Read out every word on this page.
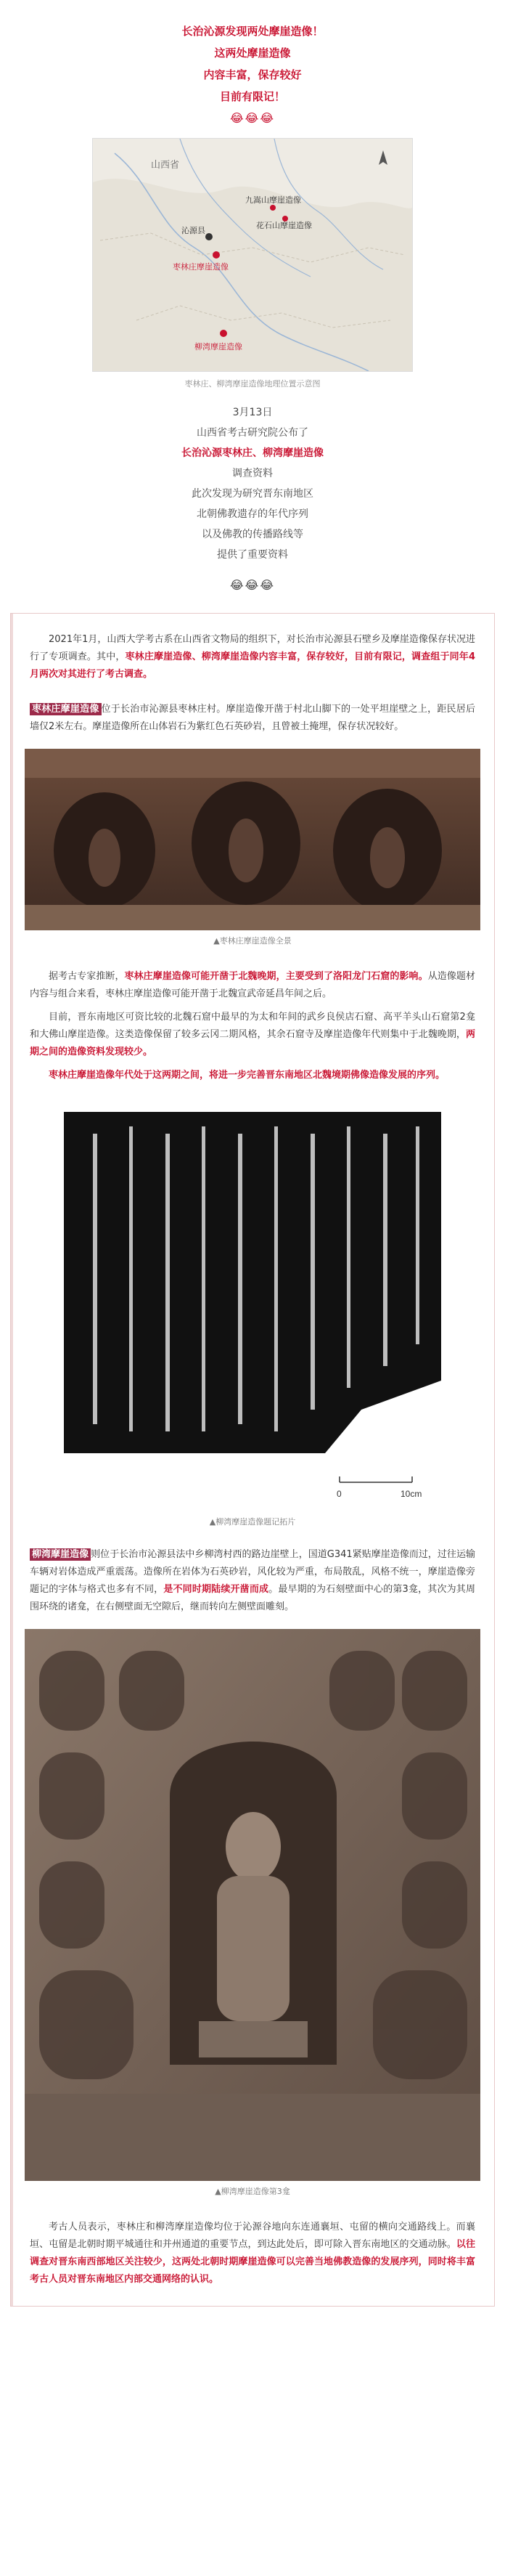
长治沁源发现两处摩崖造像！
这两处摩崖造像
内容丰富，保存较好
目前有限记！
😂😂😂
山西省
九嵩山摩崖造像
花石山摩崖造像
沁源县
枣林庄摩崖造像
柳湾摩崖造像
枣林庄、柳湾摩崖造像地理位置示意图
3月13日
山西省考古研究院公布了
长治沁源枣林庄、柳湾摩崖造像
调查资料
此次发现为研究晋东南地区
北朝佛教遗存的年代序列
以及佛教的传播路线等
提供了重要资料
😂😂😂

2021年1月，山西大学考古系在山西省文物局的组织下，对长治市沁源县石壁乡及摩崖造像保存状况进行了专项调查。其中，枣林庄摩崖造像、柳湾摩崖造像内容丰富，保存较好，目前有限记，调查组于同年4月两次对其进行了考古调查。

枣林庄摩崖造像 位于长治市沁源县枣林庄村。摩崖造像开凿于村北山脚下的一处平坦崖壁之上，距民居后墙仅2米左右。摩崖造像所在山体岩石为紫红色石英砂岩，且曾被土掩埋，保存状况较好。

▲枣林庄摩崖造像全景

据考古专家推断，枣林庄摩崖造像可能开凿于北魏晚期，主要受到了洛阳龙门石窟的影响。从造像题材内容与组合来看，枣林庄摩崖造像可能开凿于北魏宣武帝延昌年间之后。

目前，晋东南地区可资比较的北魏石窟中最早的为太和年间的武乡良侯店石窟、高平羊头山石窟第2龛和大佛山摩崖造像。这类造像保留了较多云冈二期风格，其余石窟寺及摩崖造像年代则集中于北魏晚期，两期之间的造像资料发现较少。

枣林庄摩崖造像年代处于这两期之间，将进一步完善晋东南地区北魏境期佛像造像发展的序列。

0	10cm
▲柳湾摩崖造像题记拓片

柳湾摩崖造像 则位于长治市沁源县法中乡柳湾村西的路边崖壁上，国道G341紧贴摩崖造像而过，过往运输车辆对岩体造成严重震荡。造像所在岩体为石英砂岩，风化较为严重，布局散乱，风格不统一，摩崖造像旁题记的字体与格式也多有不同，是不同时期陆续开凿而成。最早期的为石刻壁面中心的第3龛，其次为其周围环绕的诸龛，在右侧壁面无空隙后，继而转向左侧壁面雕刻。

▲柳湾摩崖造像第3龛

考古人员表示，枣林庄和柳湾摩崖造像均位于沁源谷地向东连通襄垣、屯留的横向交通路线上。而襄垣、屯留是北朝时期平城通往和并州通道的重要节点，到达此处后，即可除入晋东南地区的交通动脉。以往调查对晋东南西部地区关注较少，这两处北朝时期摩崖造像可以完善当地佛教造像的发展序列，同时将丰富考古人员对晋东南地区内部交通网络的认识。
